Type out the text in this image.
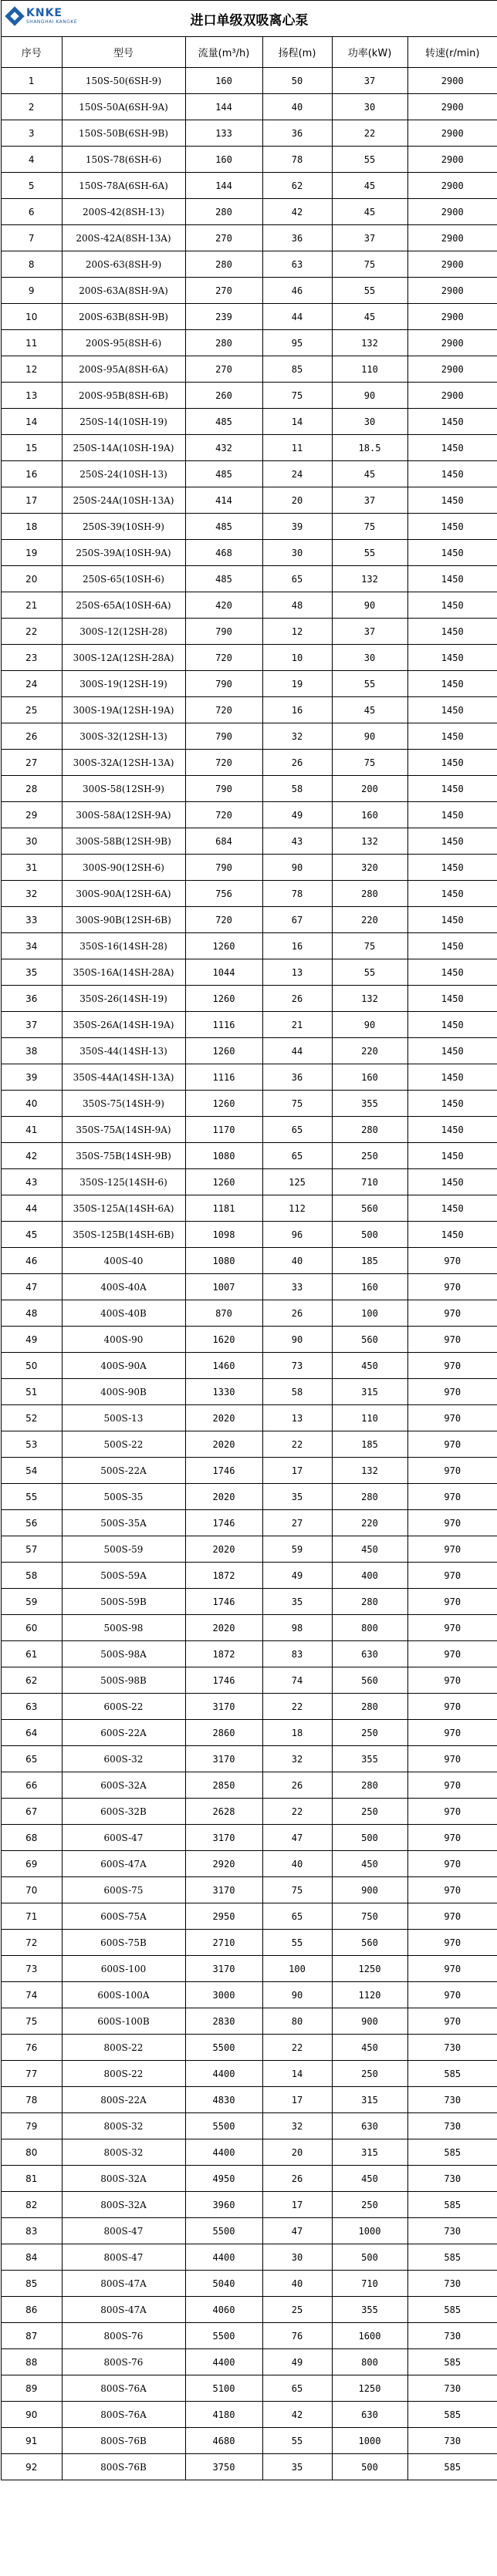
KNKE
SHANGHAI KANGKE	进口单级双吸离心泵
序号	型号	流量(m³/h)	扬程(m)	功率(kW)	转速(r/min)
1	150S-50(6SH-9)	160	50	37	2900
2	150S-50A(6SH-9A)	144	40	30	2900
3	150S-50B(6SH-9B)	133	36	22	2900
4	150S-78(6SH-6)	160	78	55	2900
5	150S-78A(6SH-6A)	144	62	45	2900
6	200S-42(8SH-13)	280	42	45	2900
7	200S-42A(8SH-13A)	270	36	37	2900
8	200S-63(8SH-9)	280	63	75	2900
9	200S-63A(8SH-9A)	270	46	55	2900
10	200S-63B(8SH-9B)	239	44	45	2900
11	200S-95(8SH-6)	280	95	132	2900
12	200S-95A(8SH-6A)	270	85	110	2900
13	200S-95B(8SH-6B)	260	75	90	2900
14	250S-14(10SH-19)	485	14	30	1450
15	250S-14A(10SH-19A)	432	11	18.5	1450
16	250S-24(10SH-13)	485	24	45	1450
17	250S-24A(10SH-13A)	414	20	37	1450
18	250S-39(10SH-9)	485	39	75	1450
19	250S-39A(10SH-9A)	468	30	55	1450
20	250S-65(10SH-6)	485	65	132	1450
21	250S-65A(10SH-6A)	420	48	90	1450
22	300S-12(12SH-28)	790	12	37	1450
23	300S-12A(12SH-28A)	720	10	30	1450
24	300S-19(12SH-19)	790	19	55	1450
25	300S-19A(12SH-19A)	720	16	45	1450
26	300S-32(12SH-13)	790	32	90	1450
27	300S-32A(12SH-13A)	720	26	75	1450
28	300S-58(12SH-9)	790	58	200	1450
29	300S-58A(12SH-9A)	720	49	160	1450
30	300S-58B(12SH-9B)	684	43	132	1450
31	300S-90(12SH-6)	790	90	320	1450
32	300S-90A(12SH-6A)	756	78	280	1450
33	300S-90B(12SH-6B)	720	67	220	1450
34	350S-16(14SH-28)	1260	16	75	1450
35	350S-16A(14SH-28A)	1044	13	55	1450
36	350S-26(14SH-19)	1260	26	132	1450
37	350S-26A(14SH-19A)	1116	21	90	1450
38	350S-44(14SH-13)	1260	44	220	1450
39	350S-44A(14SH-13A)	1116	36	160	1450
40	350S-75(14SH-9)	1260	75	355	1450
41	350S-75A(14SH-9A)	1170	65	280	1450
42	350S-75B(14SH-9B)	1080	65	250	1450
43	350S-125(14SH-6)	1260	125	710	1450
44	350S-125A(14SH-6A)	1181	112	560	1450
45	350S-125B(14SH-6B)	1098	96	500	1450
46	400S-40	1080	40	185	970
47	400S-40A	1007	33	160	970
48	400S-40B	870	26	100	970
49	400S-90	1620	90	560	970
50	400S-90A	1460	73	450	970
51	400S-90B	1330	58	315	970
52	500S-13	2020	13	110	970
53	500S-22	2020	22	185	970
54	500S-22A	1746	17	132	970
55	500S-35	2020	35	280	970
56	500S-35A	1746	27	220	970
57	500S-59	2020	59	450	970
58	500S-59A	1872	49	400	970
59	500S-59B	1746	35	280	970
60	500S-98	2020	98	800	970
61	500S-98A	1872	83	630	970
62	500S-98B	1746	74	560	970
63	600S-22	3170	22	280	970
64	600S-22A	2860	18	250	970
65	600S-32	3170	32	355	970
66	600S-32A	2850	26	280	970
67	600S-32B	2628	22	250	970
68	600S-47	3170	47	500	970
69	600S-47A	2920	40	450	970
70	600S-75	3170	75	900	970
71	600S-75A	2950	65	750	970
72	600S-75B	2710	55	560	970
73	600S-100	3170	100	1250	970
74	600S-100A	3000	90	1120	970
75	600S-100B	2830	80	900	970
76	800S-22	5500	22	450	730
77	800S-22	4400	14	250	585
78	800S-22A	4830	17	315	730
79	800S-32	5500	32	630	730
80	800S-32	4400	20	315	585
81	800S-32A	4950	26	450	730
82	800S-32A	3960	17	250	585
83	800S-47	5500	47	1000	730
84	800S-47	4400	30	500	585
85	800S-47A	5040	40	710	730
86	800S-47A	4060	25	355	585
87	800S-76	5500	76	1600	730
88	800S-76	4400	49	800	585
89	800S-76A	5100	65	1250	730
90	800S-76A	4180	42	630	585
91	800S-76B	4680	55	1000	730
92	800S-76B	3750	35	500	585
